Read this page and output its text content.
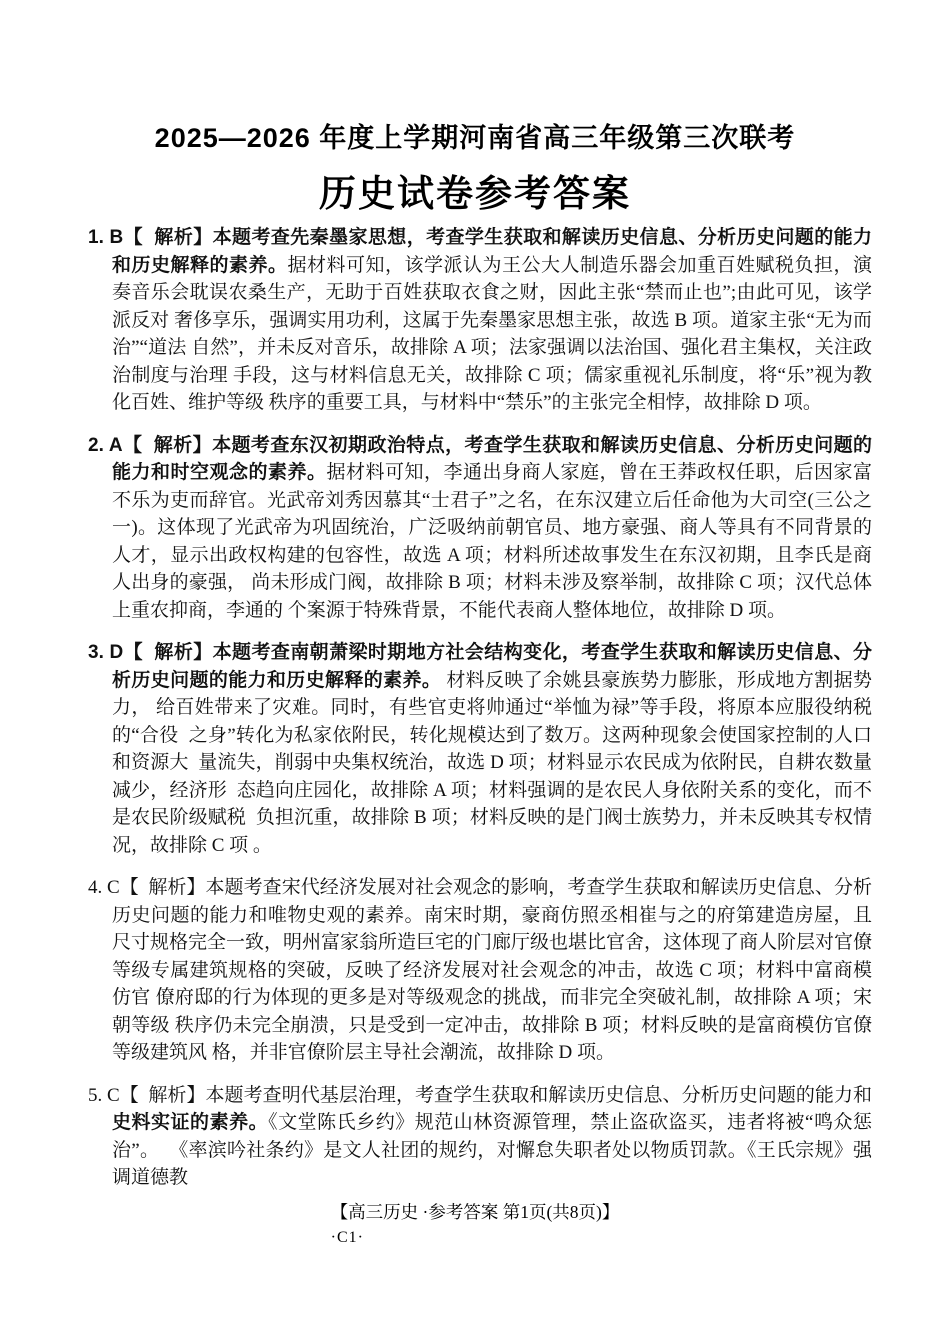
2025—2026 年度上学期河南省高三年级第三次联考
历史试卷参考答案

1. B【  解析】本题考查先秦墨家思想，考查学生获取和解读历史信息、分析历史问题的能力和历史解释的素养。据材料可知，该学派认为王公大人制造乐器会加重百姓赋税负担，演奏音乐会耽误农桑生产，无助于百姓获取衣食之财，因此主张“禁而止也”;由此可见，该学派反对 奢侈享乐，强调实用功利，这属于先秦墨家思想主张，故选 B 项。道家主张“无为而治”“道法 自然”，并未反对音乐，故排除 A 项；法家强调以法治国、强化君主集权，关注政治制度与治理 手段，这与材料信息无关，故排除 C 项；儒家重视礼乐制度，将“乐”视为教化百姓、维护等级 秩序的重要工具，与材料中“禁乐”的主张完全相悖，故排除 D 项。

2. A【  解析】本题考查东汉初期政治特点，考查学生获取和解读历史信息、分析历史问题的能力和时空观念的素养。据材料可知，李通出身商人家庭，曾在王莽政权任职，后因家富不乐为吏而辞官。光武帝刘秀因慕其“士君子”之名，在东汉建立后任命他为大司空(三公之一)。这体现了光武帝为巩固统治，广泛吸纳前朝官员、地方豪强、商人等具有不同背景的人才，显示出政权构建的包容性，故选 A 项；材料所述故事发生在东汉初期，且李氏是商人出身的豪强， 尚未形成门阀，故排除 B 项；材料未涉及察举制，故排除 C 项；汉代总体上重农抑商，李通的 个案源于特殊背景，不能代表商人整体地位，故排除 D 项。

3. D【  解析】本题考查南朝萧梁时期地方社会结构变化，考查学生获取和解读历史信息、分析历史问题的能力和历史解释的素养。 材料反映了余姚县豪族势力膨胀，形成地方割据势力， 给百姓带来了灾难。同时，有些官吏将帅通过“举恤为禄”等手段，将原本应服役纳税的“合役  之身”转化为私家依附民，转化规模达到了数万。这两种现象会使国家控制的人口和资源大  量流失，削弱中央集权统治，故选 D 项；材料显示农民成为依附民，自耕农数量减少，经济形  态趋向庄园化，故排除 A 项；材料强调的是农民人身依附关系的变化，而不是农民阶级赋税  负担沉重，故排除 B 项；材料反映的是门阀士族势力，并未反映其专权情况，故排除 C 项 。

4. C【  解析】本题考查宋代经济发展对社会观念的影响，考查学生获取和解读历史信息、分析历史问题的能力和唯物史观的素养。南宋时期，豪商仿照丞相崔与之的府第建造房屋，且尺寸规格完全一致，明州富家翁所造巨宅的门廊厅级也堪比官舍，这体现了商人阶层对官僚等级专属建筑规格的突破，反映了经济发展对社会观念的冲击，故选 C 项；材料中富商模仿官 僚府邸的行为体现的更多是对等级观念的挑战，而非完全突破礼制，故排除 A 项；宋朝等级 秩序仍未完全崩溃，只是受到一定冲击，故排除 B 项；材料反映的是富商模仿官僚等级建筑风 格，并非官僚阶层主导社会潮流，故排除 D 项。

5. C【  解析】本题考查明代基层治理，考查学生获取和解读历史信息、分析历史问题的能力和史料实证的素养。《文堂陈氏乡约》规范山林资源管理，禁止盗砍盗买，违者将被“鸣众惩治”。  《率滨吟社条约》是文人社团的规约，对懈怠失职者处以物质罚款。《王氏宗规》强调道德教

【高三历史 ·参考答案 第1页(共8页)】
·C1·
